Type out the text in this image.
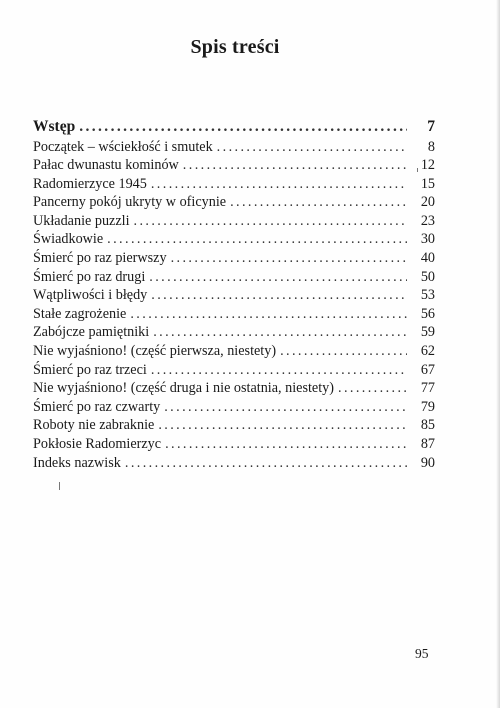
Spis treści
Wstęp .....	7
Początek – wściekłość i smutek .....	8
Pałac dwunastu kominów .....	12
Radomierzyce 1945 .....	15
Pancerny pokój ukryty w oficynie .....	20
Układanie puzzli .....	23
Świadkowie .....	30
Śmierć po raz pierwszy .....	40
Śmierć po raz drugi .....	50
Wątpliwości i błędy .....	53
Stałe zagrożenie .....	56
Zabójcze pamiętniki .....	59
Nie wyjaśniono! (część pierwsza, niestety) .....	62
Śmierć po raz trzeci .....	67
Nie wyjaśniono! (część druga i nie ostatnia, niestety) .....	77
Śmierć po raz czwarty .....	79
Roboty nie zabraknie .....	85
Pokłosie Radomierzyc .....	87
Indeks nazwisk .....	90
95
